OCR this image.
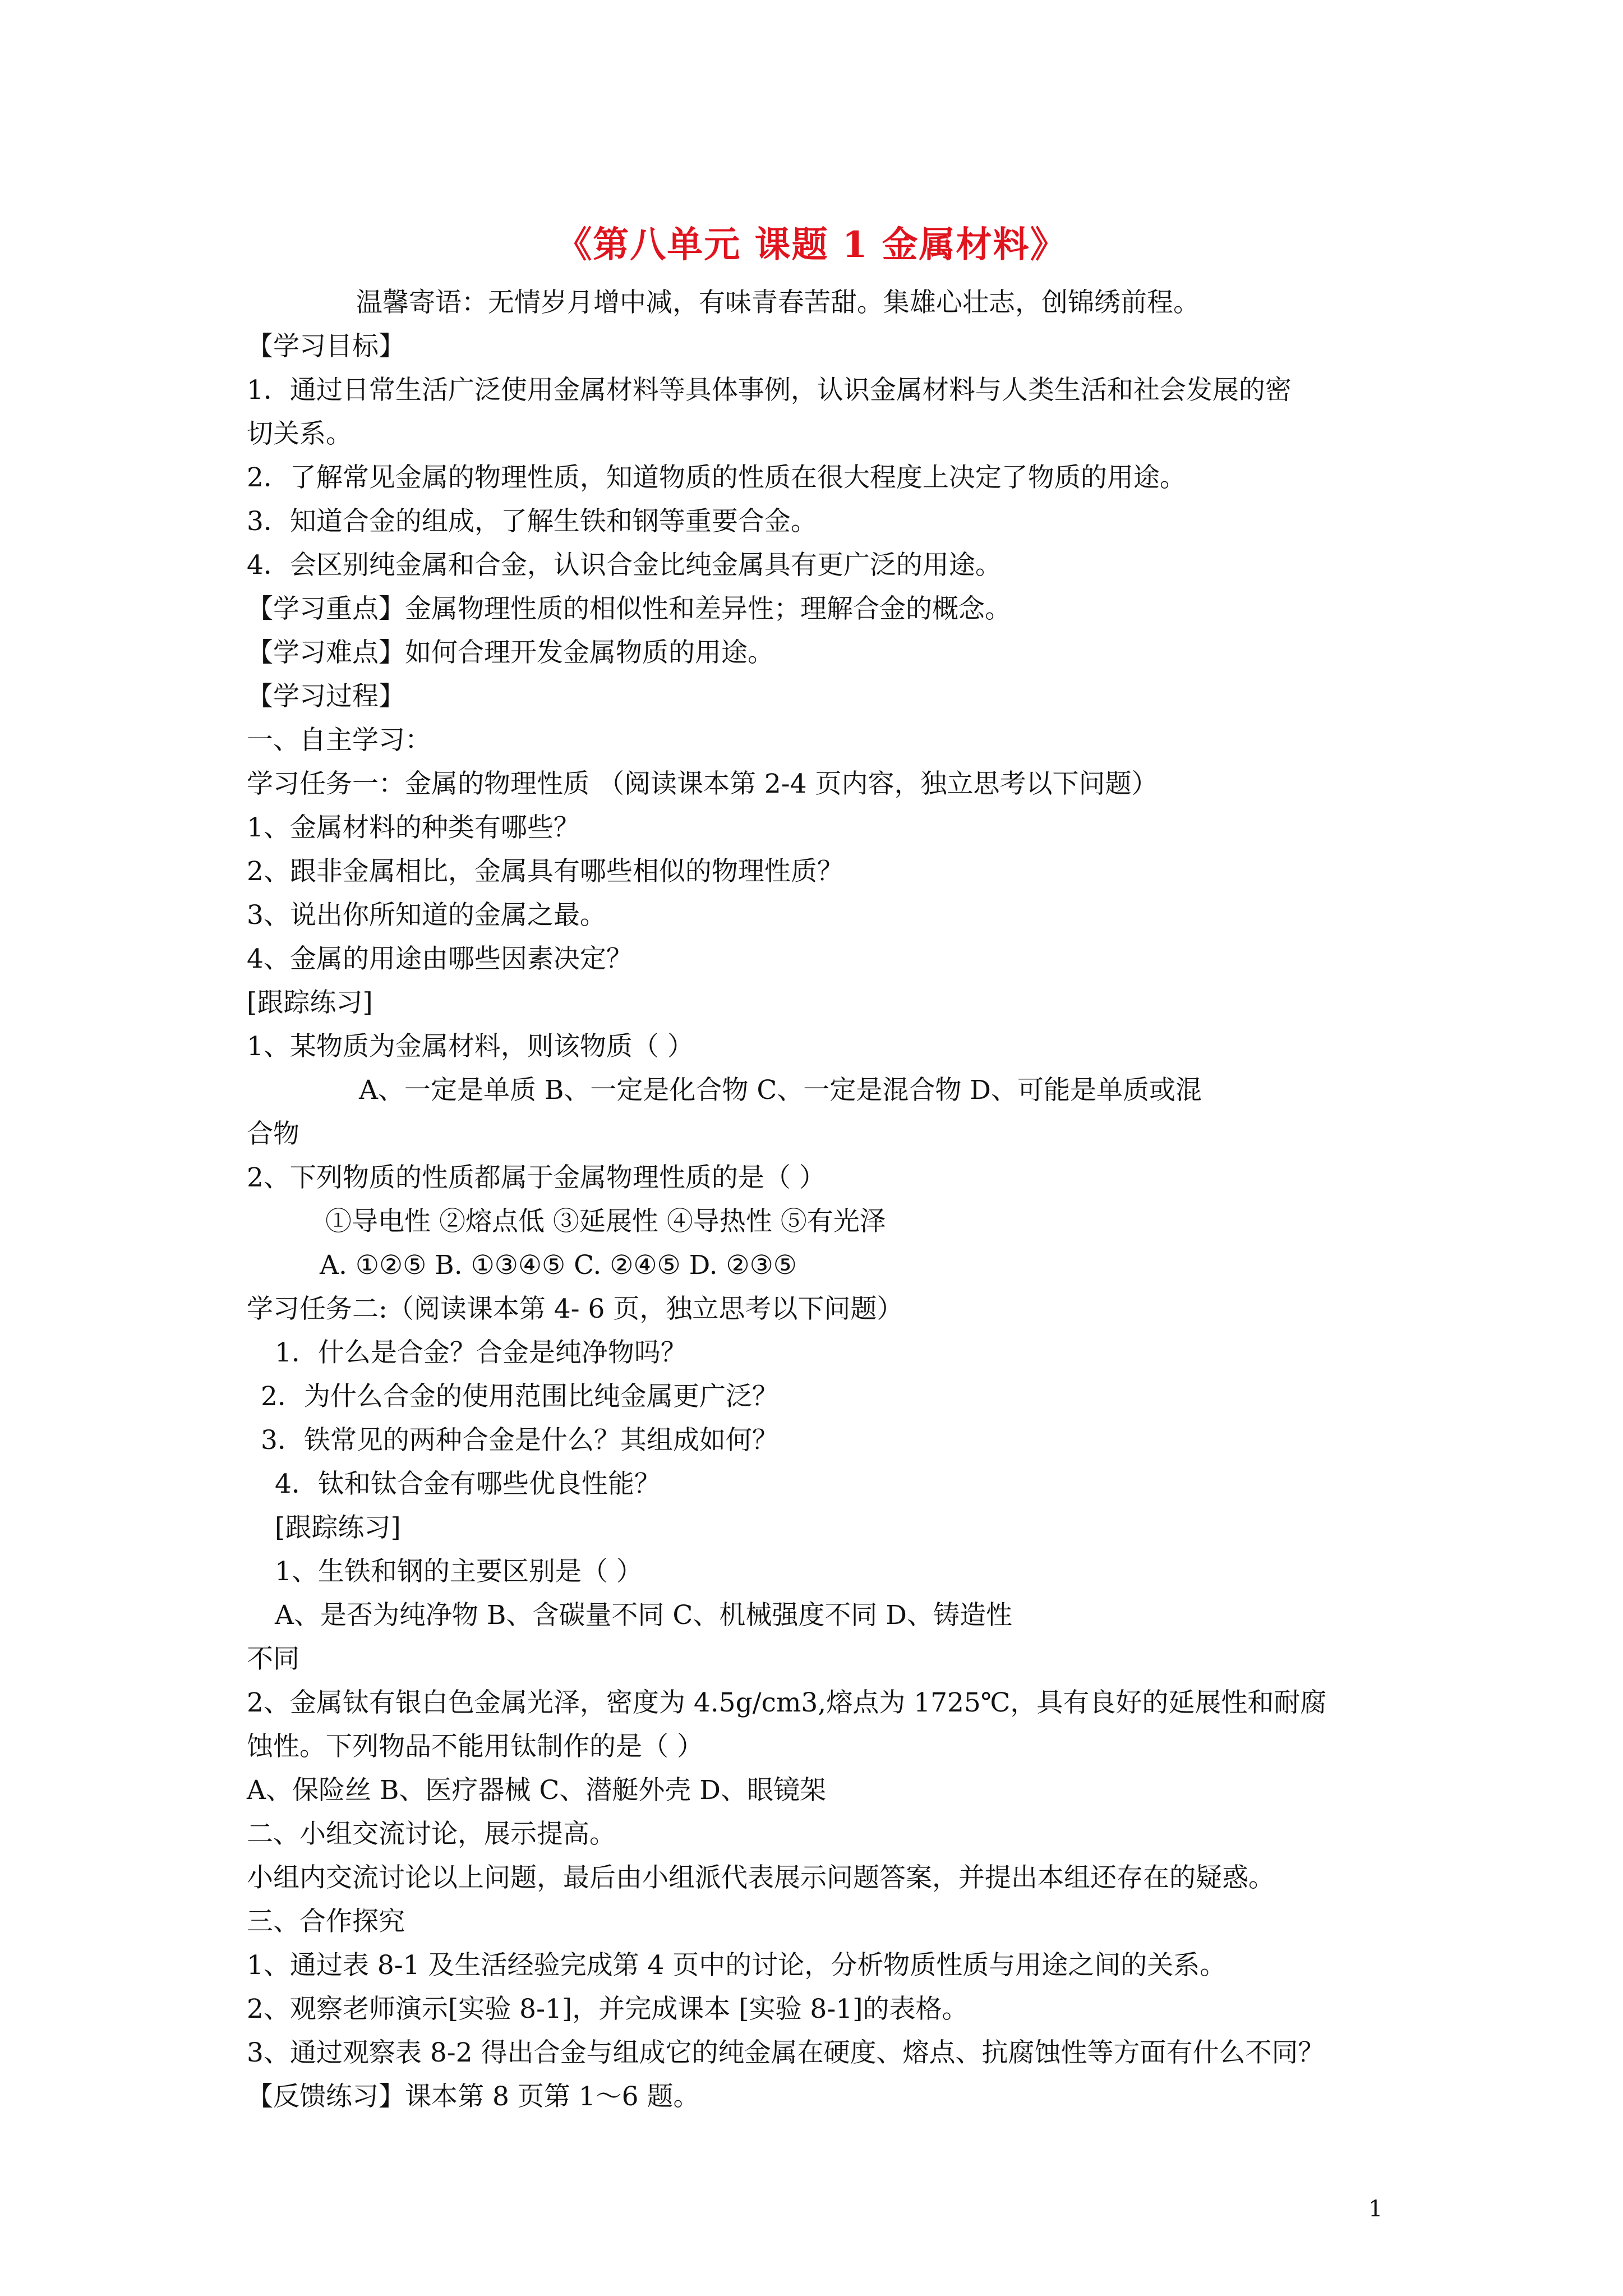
《第八单元 课题 1 金属材料》
温馨寄语：无情岁月增中减，有味青春苦甜。集雄心壮志，创锦绣前程。
【学习目标】
1．通过日常生活广泛使用金属材料等具体事例，认识金属材料与人类生活和社会发展的密
切关系。
2．了解常见金属的物理性质，知道物质的性质在很大程度上决定了物质的用途。
3．知道合金的组成，了解生铁和钢等重要合金。
4．会区别纯金属和合金，认识合金比纯金属具有更广泛的用途。
【学习重点】金属物理性质的相似性和差异性；理解合金的概念。
【学习难点】如何合理开发金属物质的用途。
【学习过程】
一、自主学习：
学习任务一：金属的物理性质 （阅读课本第 2-4 页内容，独立思考以下问题）
1、金属材料的种类有哪些？
2、跟非金属相比，金属具有哪些相似的物理性质？
3、说出你所知道的金属之最。
4、金属的用途由哪些因素决定？
[跟踪练习]
1、某物质为金属材料，则该物质（ ）
A、一定是单质 B、一定是化合物 C、一定是混合物 D、可能是单质或混
合物
2、下列物质的性质都属于金属物理性质的是（ ）
①导电性 ②熔点低 ③延展性 ④导热性 ⑤有光泽
A. ①②⑤ B. ①③④⑤ C. ②④⑤ D. ②③⑤
学习任务二:（阅读课本第 4- 6 页，独立思考以下问题）
1．什么是合金？合金是纯净物吗？
2．为什么合金的使用范围比纯金属更广泛？
3．铁常见的两种合金是什么？其组成如何？
4．钛和钛合金有哪些优良性能？
[跟踪练习]
1、生铁和钢的主要区别是（ ）
A、是否为纯净物 B、含碳量不同 C、机械强度不同 D、铸造性
不同
2、金属钛有银白色金属光泽，密度为 4.5g/cm3,熔点为 1725℃，具有良好的延展性和耐腐
蚀性。下列物品不能用钛制作的是（ ）
A、保险丝 B、医疗器械 C、潜艇外壳 D、眼镜架
二、小组交流讨论，展示提高。
小组内交流讨论以上问题，最后由小组派代表展示问题答案，并提出本组还存在的疑惑。
三、合作探究
1、通过表 8-1 及生活经验完成第 4 页中的讨论，分析物质性质与用途之间的关系。
2、观察老师演示[实验 8-1]，并完成课本 [实验 8-1]的表格。
3、通过观察表 8-2 得出合金与组成它的纯金属在硬度、熔点、抗腐蚀性等方面有什么不同？
【反馈练习】课本第 8 页第 1～6 题。
1
